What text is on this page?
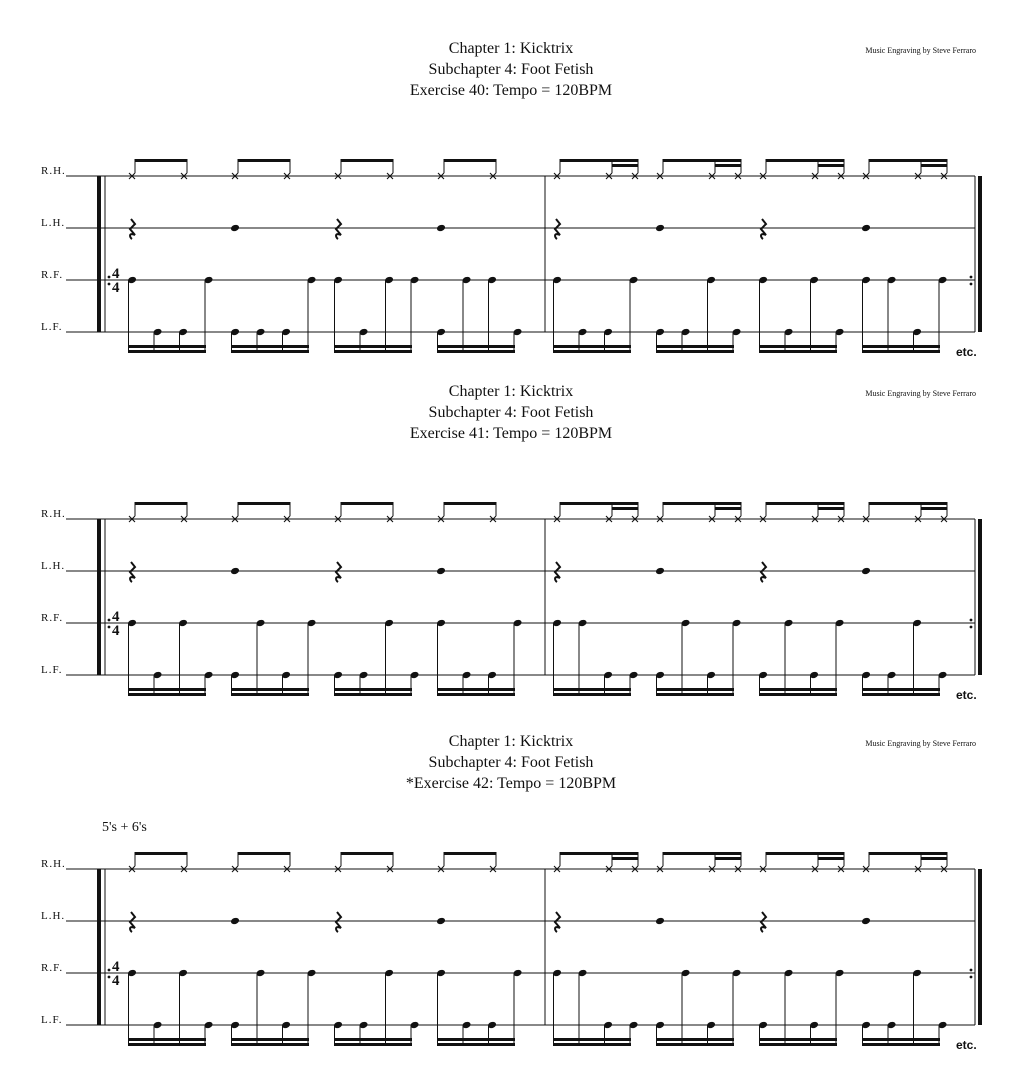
Chapter 1: Kicktrix
Subchapter 4: Foot Fetish
Exercise 40: Tempo = 120BPM
Music Engraving by Steve Ferraro
R.H.
L.H.
R.F.
L.F.
4
4
etc.
Chapter 1: Kicktrix
Subchapter 4: Foot Fetish
Exercise 41: Tempo = 120BPM
Music Engraving by Steve Ferraro
R.H.
L.H.
R.F.
L.F.
4
4
etc.
Chapter 1: Kicktrix
Subchapter 4: Foot Fetish
*Exercise 42: Tempo = 120BPM
Music Engraving by Steve Ferraro
5's + 6's
R.H.
L.H.
R.F.
L.F.
4
4
etc.
